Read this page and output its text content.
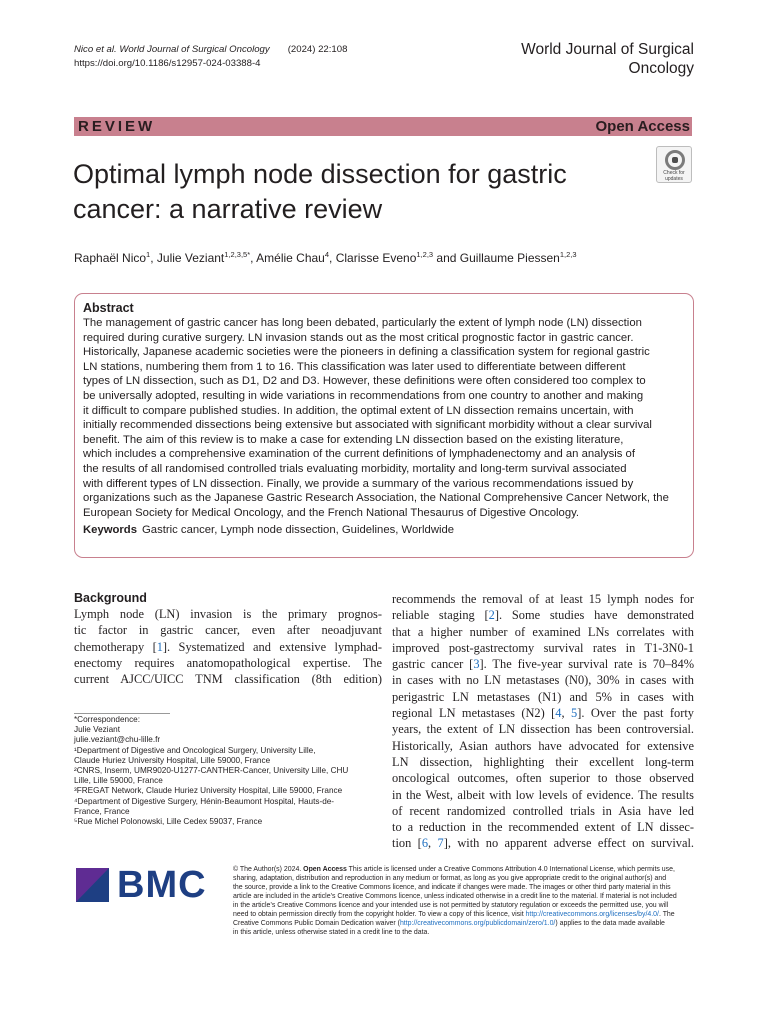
Nico et al. World Journal of Surgical Oncology (2024) 22:108
https://doi.org/10.1186/s12957-024-03388-4
World Journal of Surgical
Oncology
REVIEW	Open Access
Check for
updates
Optimal lymph node dissection for gastric
cancer: a narrative review
Raphaël Nico$^1$, Julie Veziant$^{1,2,3,5*}$, Amélie Chau$^4$, Clarisse Eveno$^{1,2,3}$ and Guillaume Piessen$^{1,2,3}$
Abstract
The management of gastric cancer has long been debated, particularly the extent of lymph node (LN) dissection
required during curative surgery. LN invasion stands out as the most critical prognostic factor in gastric cancer.
Historically, Japanese academic societies were the pioneers in defining a classification system for regional gastric
LN stations, numbering them from 1 to 16. This classification was later used to differentiate between different
types of LN dissection, such as D1, D2 and D3. However, these definitions were often considered too complex to
be universally adopted, resulting in wide variations in recommendations from one country to another and making
it difficult to compare published studies. In addition, the optimal extent of LN dissection remains uncertain, with
initially recommended dissections being extensive but associated with significant morbidity without a clear survival
benefit. The aim of this review is to make a case for extending LN dissection based on the existing literature,
which includes a comprehensive examination of the current definitions of lymphadenectomy and an analysis of
the results of all randomised controlled trials evaluating morbidity, mortality and long-term survival associated
with different types of LN dissection. Finally, we provide a summary of the various recommendations issued by
organizations such as the Japanese Gastric Research Association, the National Comprehensive Cancer Network, the
European Society for Medical Oncology, and the French National Thesaurus of Digestive Oncology.
Keywords Gastric cancer, Lymph node dissection, Guidelines, Worldwide
Background
Lymph node (LN) invasion is the primary prognos-
tic factor in gastric cancer, even after neoadjuvant
chemotherapy [1]. Systematized and extensive lymphad-
enectomy requires anatomopathological expertise. The
current AJCC/UICC TNM classification (8th edition)
*Correspondence:
Julie Veziant
julie.veziant@chu-lille.fr
¹Department of Digestive and Oncological Surgery, University Lille,
Claude Huriez University Hospital, Lille 59000, France
²CNRS, Inserm, UMR9020-U1277-CANTHER-Cancer, University Lille, CHU
Lille, Lille 59000, France
³FREGAT Network, Claude Huriez University Hospital, Lille 59000, France
⁴Department of Digestive Surgery, Hénin-Beaumont Hospital, Hauts-de-
France, France
⁵Rue Michel Polonowski, Lille Cedex 59037, France
recommends the removal of at least 15 lymph nodes for
reliable staging [2]. Some studies have demonstrated
that a higher number of examined LNs correlates with
improved post-gastrectomy survival rates in T1-3N0-1
gastric cancer [3]. The five-year survival rate is 70–84%
in cases with no LN metastases (N0), 30% in cases with
perigastric LN metastases (N1) and 5% in cases with
regional LN metastases (N2) [4, 5]. Over the past forty
years, the extent of LN dissection has been controversial.
Historically, Asian authors have advocated for extensive
LN dissection, highlighting their excellent long-term
oncological outcomes, often superior to those observed
in the West, albeit with low levels of evidence. The results
of recent randomized controlled trials in Asia have led
to a reduction in the recommended extent of LN dissec-
tion [6, 7], with no apparent adverse effect on survival.
BMC	© The Author(s) 2024. Open Access This article is licensed under a Creative Commons Attribution 4.0 International License, which permits use,
sharing, adaptation, distribution and reproduction in any medium or format, as long as you give appropriate credit to the original author(s) and
the source, provide a link to the Creative Commons licence, and indicate if changes were made. The images or other third party material in this
article are included in the article’s Creative Commons licence, unless indicated otherwise in a credit line to the material. If material is not included
in the article’s Creative Commons licence and your intended use is not permitted by statutory regulation or exceeds the permitted use, you will
need to obtain permission directly from the copyright holder. To view a copy of this licence, visit http://creativecommons.org/licenses/by/4.0/. The
Creative Commons Public Domain Dedication waiver (http://creativecommons.org/publicdomain/zero/1.0/) applies to the data made available
in this article, unless otherwise stated in a credit line to the data.
